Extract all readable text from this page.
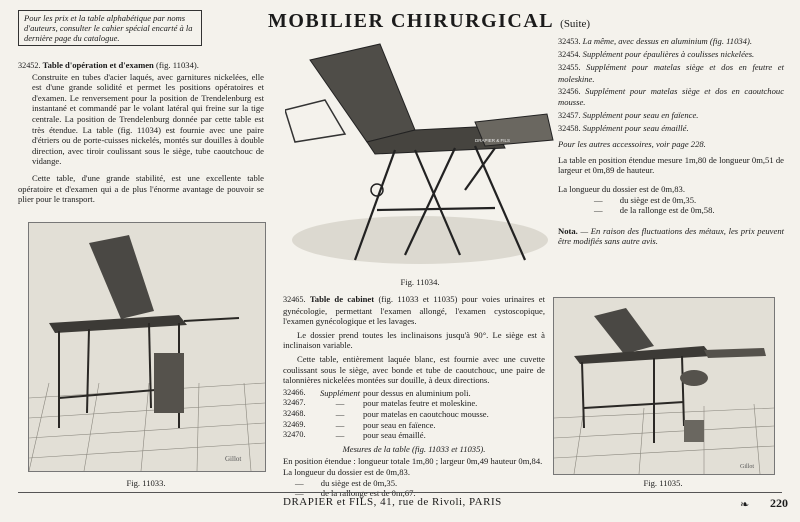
Pour les prix et la table alphabétique par noms d'auteurs, consulter le cahier spécial encarté à la dernière page du catalogue.
MOBILIER CHIRURGICAL (Suite)

32452. Table d'opération et d'examen (fig. 11034).

Construite en tubes d'acier laqués, avec garnitures nickelées, elle est d'une grande solidité et permet les positions opératoires et d'examen. Le renversement pour la position de Trendelenburg est instantané et commandé par le volant latéral qui freine sur la tige centrale. La position de Trendelenburg donnée par cette table est très étendue. La table (fig. 11034) est fournie avec une paire d'étriers ou de porte-cuisses nickelés, montés sur douilles à double direction, avec tiroir coulissant sous le siège, tube caoutchouc de vidange.

Cette table, d'une grande stabilité, est une excellente table opératoire et d'examen qui a de plus l'énorme avantage de pouvoir se plier pour le transport.

Gillot
Fig. 11033.
DRAPIER & FILS
Fig. 11034.

32465. Table de cabinet (fig. 11033 et 11035) pour voies urinaires et gynécologie, permettant l'examen allongé, l'examen cystoscopique, l'examen gynécologique et les lavages.

Le dossier prend toutes les inclinaisons jusqu'à 90°. Le siège est à inclinaison variable.

Cette table, entièrement laquée blanc, est fournie avec une cuvette coulissant sous le siège, avec bonde et tube de caoutchouc, une paire de talonnières nickelées montées sur douille, à deux directions.

32466.	Supplément pour dessus en aluminium poli.
32467.	—	pour matelas feutre et moleskine.
32468.	—	pour matelas en caoutchouc mousse.
32469.	—	pour seau en faïence.
32470.	—	pour seau émaillé.

Mesures de la table (fig. 11033 et 11035).

En position étendue : longueur totale 1m,80 ; largeur 0m,49 hauteur 0m,84.

La longueur du dossier est de 0m,83.

—        du siège est de 0m,35.

—        de la rallonge est de 0m,67.

32453. La même, avec dessus en aluminium (fig. 11034).

32454. Supplément pour épaulières à coulisses nickelées.

32455. Supplément pour matelas siège et dos en feutre et moleskine.

32456. Supplément pour matelas siège et dos en caoutchouc mousse.

32457. Supplément pour seau en faïence.

32458. Supplément pour seau émaillé.

Pour les autres accessoires, voir page 228.

La table en position étendue mesure 1m,80 de longueur 0m,51 de largeur et 0m,89 de hauteur.

La longueur du dossier est de 0m,83.

—        du siège est de 0m,35.

—        de la rallonge est de 0m,58.

Nota. — En raison des fluctuations des métaux, les prix peuvent être modifiés sans autre avis.

Gillot
Fig. 11035.
DRAPIER et FILS, 41, rue de Rivoli, PARIS	❧ 220
